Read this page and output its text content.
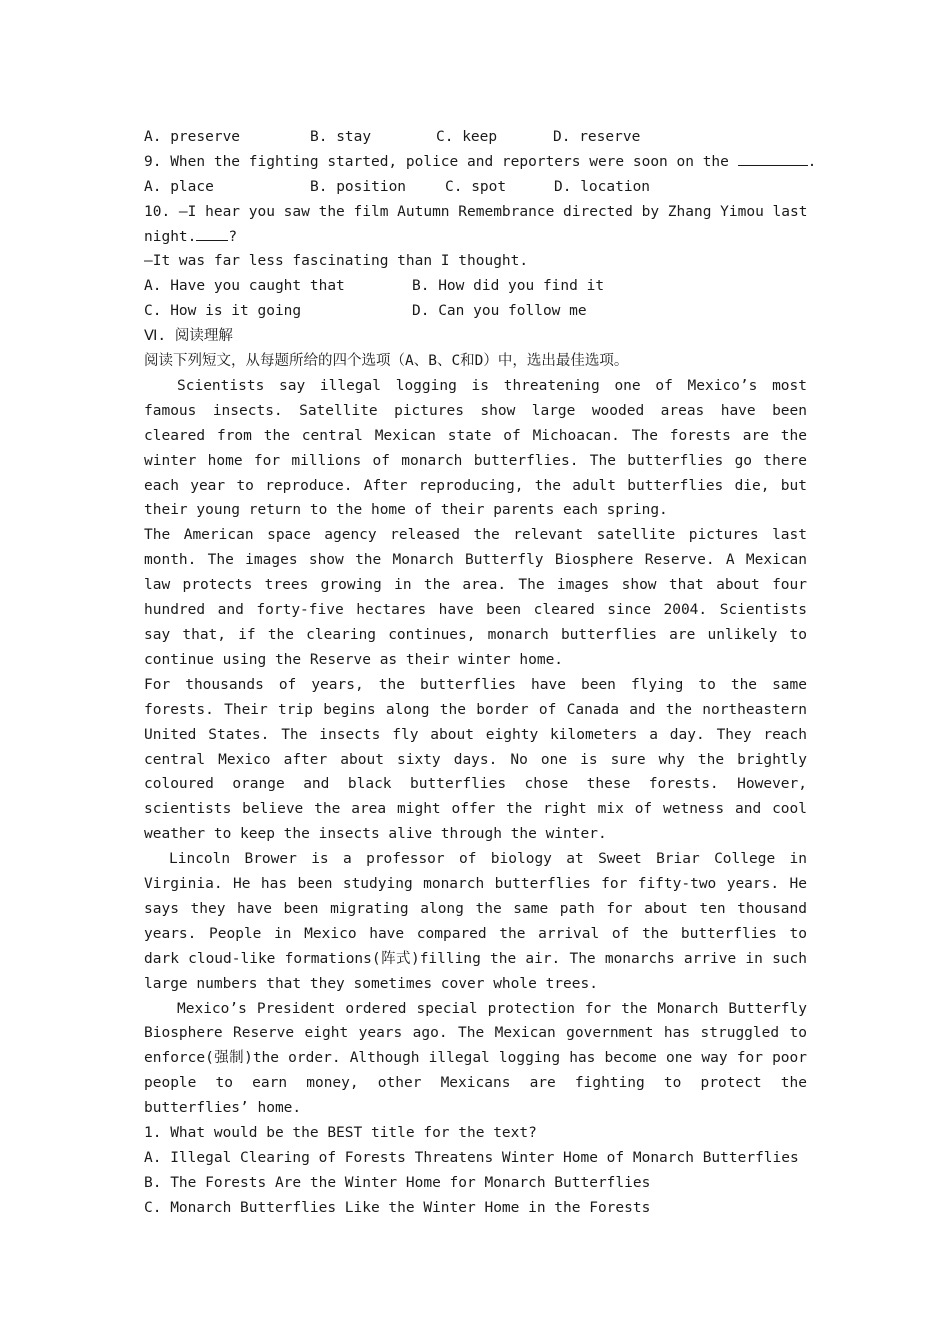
A. preserve	B. stay	C. keep	D. reserve
9. When the fighting started, police and reporters were soon on the	.
A. place	B. position	C. spot	D. location
10. —I hear you saw the film Autumn Remembrance directed by Zhang Yimou last
night. ?
—It was far less fascinating than I thought.
A. Have you caught that	B. How did you find it
C. How is it going	D. Can you follow me
Ⅵ. 阅读理解
阅读下列短文，从每题所给的四个选项（A、B、C和D）中，选出最佳选项。
Scientists say illegal logging is threatening one of Mexico’s most famous insects. Satellite pictures show large wooded areas have been cleared from the central Mexican state of Michoacan. The forests are the winter home for millions of monarch butterflies. The butterflies go there each year to reproduce. After reproducing, the adult butterflies die, but their young return to the home of their parents each spring.
The American space agency released the relevant satellite pictures last month. The images show the Monarch Butterfly Biosphere Reserve. A Mexican law protects trees growing in the area. The images show that about four hundred and forty-five hectares have been cleared since 2004. Scientists say that, if the clearing continues, monarch butterflies are unlikely to continue using the Reserve as their winter home.
For thousands of years, the butterflies have been flying to the same forests. Their trip begins along the border of Canada and the northeastern United States. The insects fly about eighty kilometers a day. They reach central Mexico after about sixty days. No one is sure why the brightly coloured orange and black butterflies chose these forests. However, scientists believe the area might offer the right mix of wetness and cool weather to keep the insects alive through the winter.
Lincoln Brower is a professor of biology at Sweet Briar College in Virginia. He has been studying monarch butterflies for fifty-two years. He says they have been migrating along the same path for about ten thousand years. People in Mexico have compared the arrival of the butterflies to dark cloud-like formations(阵式)filling the air. The monarchs arrive in such large numbers that they sometimes cover whole trees.
Mexico’s President ordered special protection for the Monarch Butterfly Biosphere Reserve eight years ago. The Mexican government has struggled to enforce(强制)the order. Although illegal logging has become one way for poor people to earn money, other Mexicans are fighting to protect the butterflies’ home.
1. What would be the BEST title for the text?
A. Illegal Clearing of Forests Threatens Winter Home of Monarch Butterflies
B. The Forests Are the Winter Home for Monarch Butterflies
C. Monarch Butterflies Like the Winter Home in the Forests
